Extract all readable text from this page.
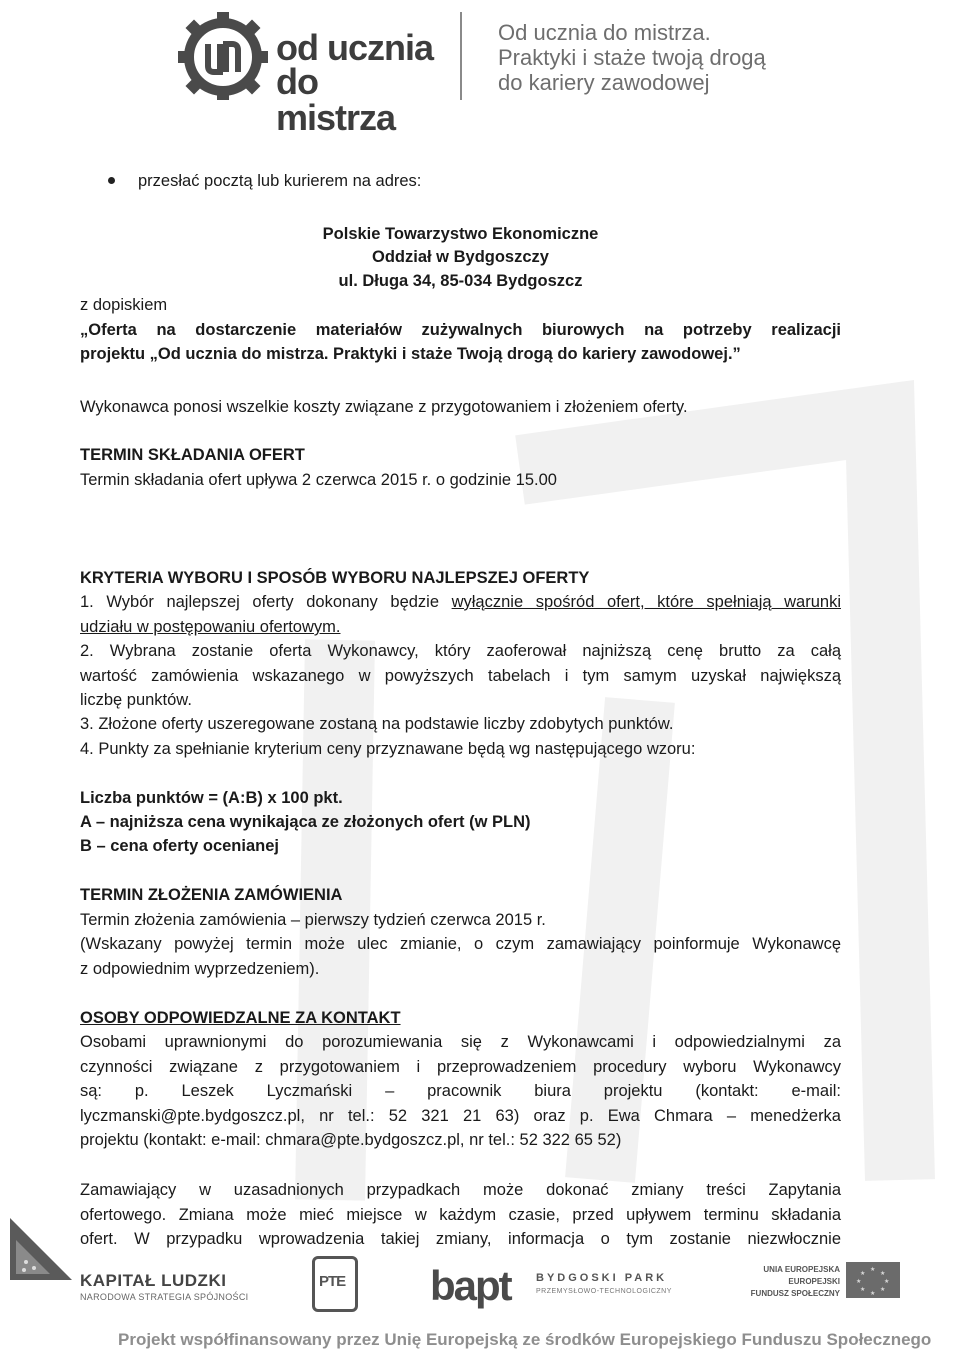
od ucznia
do mistrza
Od ucznia do mistrza.
Praktyki i staże twoją drogą
do kariery zawodowej
przesłać pocztą lub kurierem na adres:
Polskie Towarzystwo Ekonomiczne
Oddział w Bydgoszczy
ul. Długa 34, 85-034 Bydgoszcz
z dopiskiem
„Oferta na dostarczenie materiałów zużywalnych biurowych na potrzeby realizacji
projektu „Od ucznia do mistrza. Praktyki i staże Twoją drogą do kariery zawodowej.”
Wykonawca ponosi wszelkie koszty związane z przygotowaniem i złożeniem oferty.
TERMIN SKŁADANIA OFERT
Termin składania ofert upływa 2 czerwca 2015 r. o godzinie 15.00
KRYTERIA WYBORU I SPOSÓB WYBORU NAJLEPSZEJ OFERTY
1. Wybór najlepszej oferty dokonany będzie wyłącznie spośród ofert, które spełniają warunki
udziału w postępowaniu ofertowym.
2. Wybrana zostanie oferta Wykonawcy, który zaoferował najniższą cenę brutto za całą
wartość zamówienia wskazanego w powyższych tabelach i tym samym uzyskał największą
liczbę punktów.
3. Złożone oferty uszeregowane zostaną na podstawie liczby zdobytych punktów.
4. Punkty za spełnianie kryterium ceny przyznawane będą wg następującego wzoru:
Liczba punktów = (A:B) x 100 pkt.
A – najniższa cena wynikająca ze złożonych ofert (w PLN)
B – cena oferty ocenianej
TERMIN ZŁOŻENIA ZAMÓWIENIA
Termin złożenia zamówienia – pierwszy tydzień czerwca 2015 r.
(Wskazany powyżej termin może ulec zmianie, o czym zamawiający poinformuje Wykonawcę
z odpowiednim wyprzedzeniem).
OSOBY ODPOWIEDZALNE ZA KONTAKT
Osobami uprawnionymi do porozumiewania się z Wykonawcami i odpowiedzialnymi za
czynności związane z przygotowaniem i przeprowadzeniem procedury wyboru Wykonawcy
są: p. Leszek Lyczmański – pracownik biura projektu (kontakt: e-mail:
lyczmanski@pte.bydgoszcz.pl, nr tel.: 52 321 21 63) oraz p. Ewa Chmara – menedżerka
projektu (kontakt: e-mail: chmara@pte.bydgoszcz.pl, nr tel.: 52 322 65 52)
Zamawiający w uzasadnionych przypadkach może dokonać zmiany treści Zapytania
ofertowego. Zmiana może mieć miejsce w każdym czasie, przed upływem terminu składania
ofert. W przypadku wprowadzenia takiej zmiany, informacja o tym zostanie niezwłocznie
KAPITAŁ LUDZKI
NARODOWA STRATEGIA SPÓJNOŚCI
PTE bapt BYDGOSKI PARK
PRZEMYSŁOWO-TECHNOLOGICZNY
UNIA EUROPEJSKA
EUROPEJSKI
FUNDUSZ SPOŁECZNY
★
★
★
★
★
★
★
★
Projekt współfinansowany przez Unię Europejską ze środków Europejskiego Funduszu Społecznego
